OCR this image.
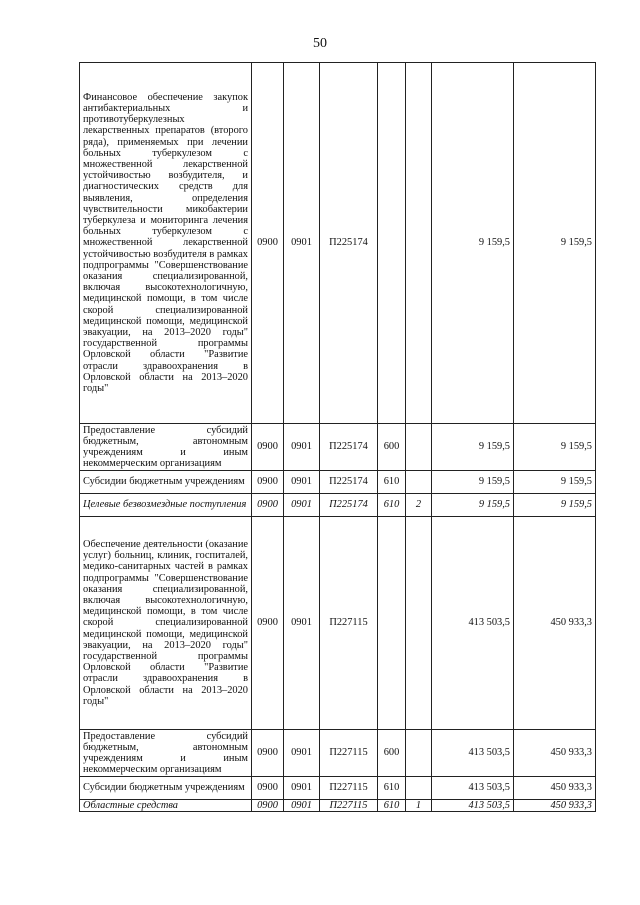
50
Финансовое обеспечение закупок антибактериальных и противотуберкулезных лекарственных препаратов (второго ряда), применяемых при лечении больных туберкулезом с множественной лекарственной устойчивостью возбудителя, и диагностических средств для выявления, определения чувствительности микобактерии туберкулеза и мониторинга лечения больных туберкулезом с множественной лекарственной устойчивостью возбудителя в рамках подпрограммы "Совершенствование оказания специализированной, включая высокотехнологичную, медицинской помощи, в том числе скорой специализированной медицинской помощи, медицинской эвакуации, на 2013–2020 годы" государственной программы Орловской области "Развитие отрасли здравоохранения в Орловской области на 2013–2020 годы"	0900	0901	П225174			9 159,5	9 159,5
Предоставление субсидий бюджетным, автономным учреждениям и иным некоммерческим организациям	0900	0901	П225174	600		9 159,5	9 159,5
Субсидии бюджетным учреждениям	0900	0901	П225174	610		9 159,5	9 159,5
Целевые безвозмездные поступления	0900	0901	П225174	610	2	9 159,5	9 159,5
Обеспечение деятельности (оказание услуг) больниц, клиник, госпиталей, медико-санитарных частей в рамках подпрограммы "Совершенствование оказания специализированной, включая высокотехнологичную, медицинской помощи, в том числе скорой специализированной медицинской помощи, медицинской эвакуации, на 2013–2020 годы" государственной программы Орловской области "Развитие отрасли здравоохранения в Орловской области на 2013–2020 годы"	0900	0901	П227115			413 503,5	450 933,3
Предоставление субсидий бюджетным, автономным учреждениям и иным некоммерческим организациям	0900	0901	П227115	600		413 503,5	450 933,3
Субсидии бюджетным учреждениям	0900	0901	П227115	610		413 503,5	450 933,3
Областные средства	0900	0901	П227115	610	1	413 503,5	450 933,3
